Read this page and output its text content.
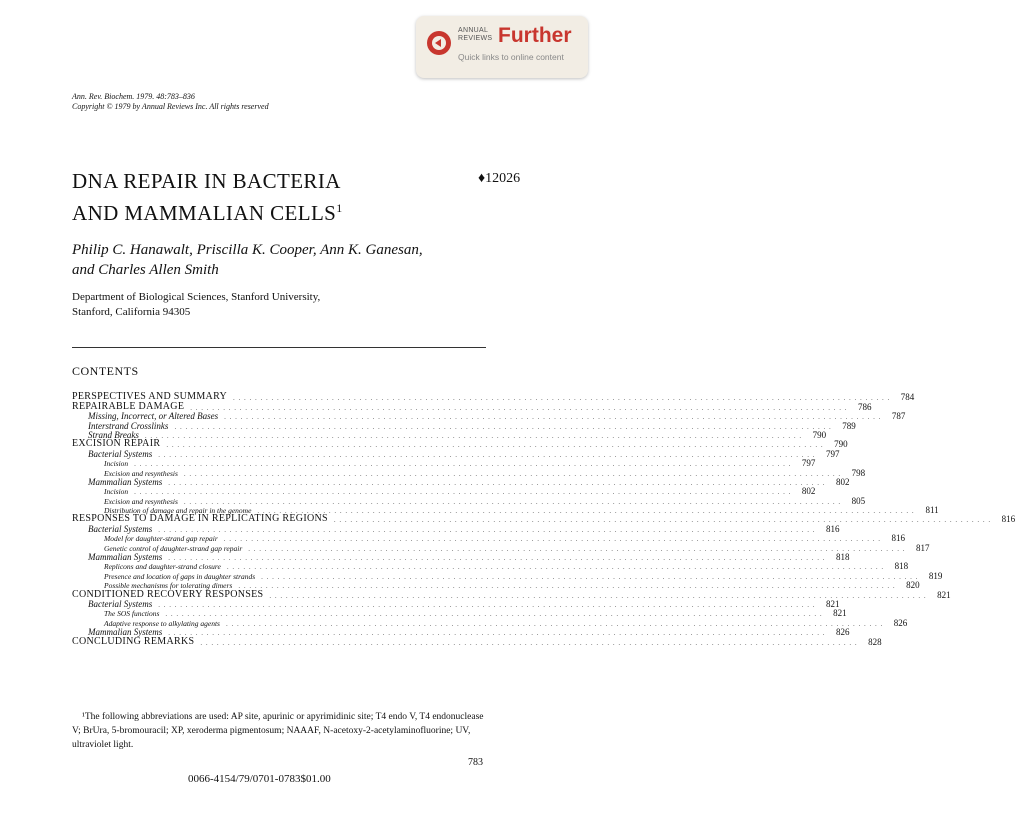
ANNUAL
REVIEWS Further
Quick links to online content
Ann. Rev. Biochem. 1979. 48:783–836
Copyright © 1979 by Annual Reviews Inc. All rights reserved
DNA REPAIR IN BACTERIA
AND MAMMALIAN CELLS$^1$
♦12026
Philip C. Hanawalt, Priscilla K. Cooper, Ann K. Ganesan,
and Charles Allen Smith
Department of Biological Sciences, Stanford University,
Stanford, California 94305
CONTENTS
PERSPECTIVES AND SUMMARY . . . . . . . . . . . . . . . . . . . . . . . . . . . . . . . . . . . . . . . . . . . . . . . . . . . . . . . . . . . . . . . . . . . . . . . . . . . . . . . . . . . . . . . . . . . . . . . . . . . . . . . . . . . . . . . . . . . . . . . .	784
REPAIRABLE DAMAGE . . . . . . . . . . . . . . . . . . . . . . . . . . . . . . . . . . . . . . . . . . . . . . . . . . . . . . . . . . . . . . . . . . . . . . . . . . . . . . . . . . . . . . . . . . . . . . . . . . . . . . . . . . . . . . . . . . . . . . . .	786
Missing, Incorrect, or Altered Bases . . . . . . . . . . . . . . . . . . . . . . . . . . . . . . . . . . . . . . . . . . . . . . . . . . . . . . . . . . . . . . . . . . . . . . . . . . . . . . . . . . . . . . . . . . . . . . . . . . . . . . . . . . . . . . . . . . . . . . . .	787
Interstrand Crosslinks . . . . . . . . . . . . . . . . . . . . . . . . . . . . . . . . . . . . . . . . . . . . . . . . . . . . . . . . . . . . . . . . . . . . . . . . . . . . . . . . . . . . . . . . . . . . . . . . . . . . . . . . . . . . . . . . . . . . . . . .	789
Strand Breaks . . . . . . . . . . . . . . . . . . . . . . . . . . . . . . . . . . . . . . . . . . . . . . . . . . . . . . . . . . . . . . . . . . . . . . . . . . . . . . . . . . . . . . . . . . . . . . . . . . . . . . . . . . . . . . . . . . . . . . . .	790
EXCISION REPAIR . . . . . . . . . . . . . . . . . . . . . . . . . . . . . . . . . . . . . . . . . . . . . . . . . . . . . . . . . . . . . . . . . . . . . . . . . . . . . . . . . . . . . . . . . . . . . . . . . . . . . . . . . . . . . . . . . . . . . . . .	790
Bacterial Systems . . . . . . . . . . . . . . . . . . . . . . . . . . . . . . . . . . . . . . . . . . . . . . . . . . . . . . . . . . . . . . . . . . . . . . . . . . . . . . . . . . . . . . . . . . . . . . . . . . . . . . . . . . . . . . . . . . . . . . . .	797
Incision . . . . . . . . . . . . . . . . . . . . . . . . . . . . . . . . . . . . . . . . . . . . . . . . . . . . . . . . . . . . . . . . . . . . . . . . . . . . . . . . . . . . . . . . . . . . . . . . . . . . . . . . . . . . . . . . . . . . . . . .	797
Excision and resynthesis . . . . . . . . . . . . . . . . . . . . . . . . . . . . . . . . . . . . . . . . . . . . . . . . . . . . . . . . . . . . . . . . . . . . . . . . . . . . . . . . . . . . . . . . . . . . . . . . . . . . . . . . . . . . . . . . . . . . . . . .	798
Mammalian Systems . . . . . . . . . . . . . . . . . . . . . . . . . . . . . . . . . . . . . . . . . . . . . . . . . . . . . . . . . . . . . . . . . . . . . . . . . . . . . . . . . . . . . . . . . . . . . . . . . . . . . . . . . . . . . . . . . . . . . . . .	802
Incision . . . . . . . . . . . . . . . . . . . . . . . . . . . . . . . . . . . . . . . . . . . . . . . . . . . . . . . . . . . . . . . . . . . . . . . . . . . . . . . . . . . . . . . . . . . . . . . . . . . . . . . . . . . . . . . . . . . . . . . .	802
Excision and resynthesis . . . . . . . . . . . . . . . . . . . . . . . . . . . . . . . . . . . . . . . . . . . . . . . . . . . . . . . . . . . . . . . . . . . . . . . . . . . . . . . . . . . . . . . . . . . . . . . . . . . . . . . . . . . . . . . . . . . . . . . .	805
Distribution of damage and repair in the genome . . . . . . . . . . . . . . . . . . . . . . . . . . . . . . . . . . . . . . . . . . . . . . . . . . . . . . . . . . . . . . . . . . . . . . . . . . . . . . . . . . . . . . . . . . . . . . . . . . . . . . . . . . . . . . . . . . . . . . . .	811
RESPONSES TO DAMAGE IN REPLICATING REGIONS . . . . . . . . . . . . . . . . . . . . . . . . . . . . . . . . . . . . . . . . . . . . . . . . . . . . . . . . . . . . . . . . . . . . . . . . . . . . . . . . . . . . . . . . . . . . . . . . . . . . . . . . . . . . . . . . . . . . . . . .	816
Bacterial Systems . . . . . . . . . . . . . . . . . . . . . . . . . . . . . . . . . . . . . . . . . . . . . . . . . . . . . . . . . . . . . . . . . . . . . . . . . . . . . . . . . . . . . . . . . . . . . . . . . . . . . . . . . . . . . . . . . . . . . . . .	816
Model for daughter-strand gap repair . . . . . . . . . . . . . . . . . . . . . . . . . . . . . . . . . . . . . . . . . . . . . . . . . . . . . . . . . . . . . . . . . . . . . . . . . . . . . . . . . . . . . . . . . . . . . . . . . . . . . . . . . . . . . . . . . . . . . . . .	816
Genetic control of daughter-strand gap repair . . . . . . . . . . . . . . . . . . . . . . . . . . . . . . . . . . . . . . . . . . . . . . . . . . . . . . . . . . . . . . . . . . . . . . . . . . . . . . . . . . . . . . . . . . . . . . . . . . . . . . . . . . . . . . . . . . . . . . . .	817
Mammalian Systems . . . . . . . . . . . . . . . . . . . . . . . . . . . . . . . . . . . . . . . . . . . . . . . . . . . . . . . . . . . . . . . . . . . . . . . . . . . . . . . . . . . . . . . . . . . . . . . . . . . . . . . . . . . . . . . . . . . . . . . .	818
Replicons and daughter-strand closure . . . . . . . . . . . . . . . . . . . . . . . . . . . . . . . . . . . . . . . . . . . . . . . . . . . . . . . . . . . . . . . . . . . . . . . . . . . . . . . . . . . . . . . . . . . . . . . . . . . . . . . . . . . . . . . . . . . . . . . .	818
Presence and location of gaps in daughter strands . . . . . . . . . . . . . . . . . . . . . . . . . . . . . . . . . . . . . . . . . . . . . . . . . . . . . . . . . . . . . . . . . . . . . . . . . . . . . . . . . . . . . . . . . . . . . . . . . . . . . . . . . . . . . . . . . . . . . . . .	819
Possible mechanisms for tolerating dimers . . . . . . . . . . . . . . . . . . . . . . . . . . . . . . . . . . . . . . . . . . . . . . . . . . . . . . . . . . . . . . . . . . . . . . . . . . . . . . . . . . . . . . . . . . . . . . . . . . . . . . . . . . . . . . . . . . . . . . . .	820
CONDITIONED RECOVERY RESPONSES . . . . . . . . . . . . . . . . . . . . . . . . . . . . . . . . . . . . . . . . . . . . . . . . . . . . . . . . . . . . . . . . . . . . . . . . . . . . . . . . . . . . . . . . . . . . . . . . . . . . . . . . . . . . . . . . . . . . . . . .	821
Bacterial Systems . . . . . . . . . . . . . . . . . . . . . . . . . . . . . . . . . . . . . . . . . . . . . . . . . . . . . . . . . . . . . . . . . . . . . . . . . . . . . . . . . . . . . . . . . . . . . . . . . . . . . . . . . . . . . . . . . . . . . . . .	821
The SOS functions . . . . . . . . . . . . . . . . . . . . . . . . . . . . . . . . . . . . . . . . . . . . . . . . . . . . . . . . . . . . . . . . . . . . . . . . . . . . . . . . . . . . . . . . . . . . . . . . . . . . . . . . . . . . . . . . . . . . . . . .	821
Adaptive response to alkylating agents . . . . . . . . . . . . . . . . . . . . . . . . . . . . . . . . . . . . . . . . . . . . . . . . . . . . . . . . . . . . . . . . . . . . . . . . . . . . . . . . . . . . . . . . . . . . . . . . . . . . . . . . . . . . . . . . . . . . . . . .	826
Mammalian Systems . . . . . . . . . . . . . . . . . . . . . . . . . . . . . . . . . . . . . . . . . . . . . . . . . . . . . . . . . . . . . . . . . . . . . . . . . . . . . . . . . . . . . . . . . . . . . . . . . . . . . . . . . . . . . . . . . . . . . . . .	826
CONCLUDING REMARKS . . . . . . . . . . . . . . . . . . . . . . . . . . . . . . . . . . . . . . . . . . . . . . . . . . . . . . . . . . . . . . . . . . . . . . . . . . . . . . . . . . . . . . . . . . . . . . . . . . . . . . . . . . . . . . . . . . . . . . . .	828
¹The following abbreviations are used: AP site, apurinic or apyrimidinic site; T4 endo V, T4 endonuclease V; BrUra, 5-bromouracil; XP, xeroderma pigmentosum; NAAAF, N-acetoxy-2-acetylaminofluorine; UV, ultraviolet light.
783
0066-4154/79/0701-0783$01.00
